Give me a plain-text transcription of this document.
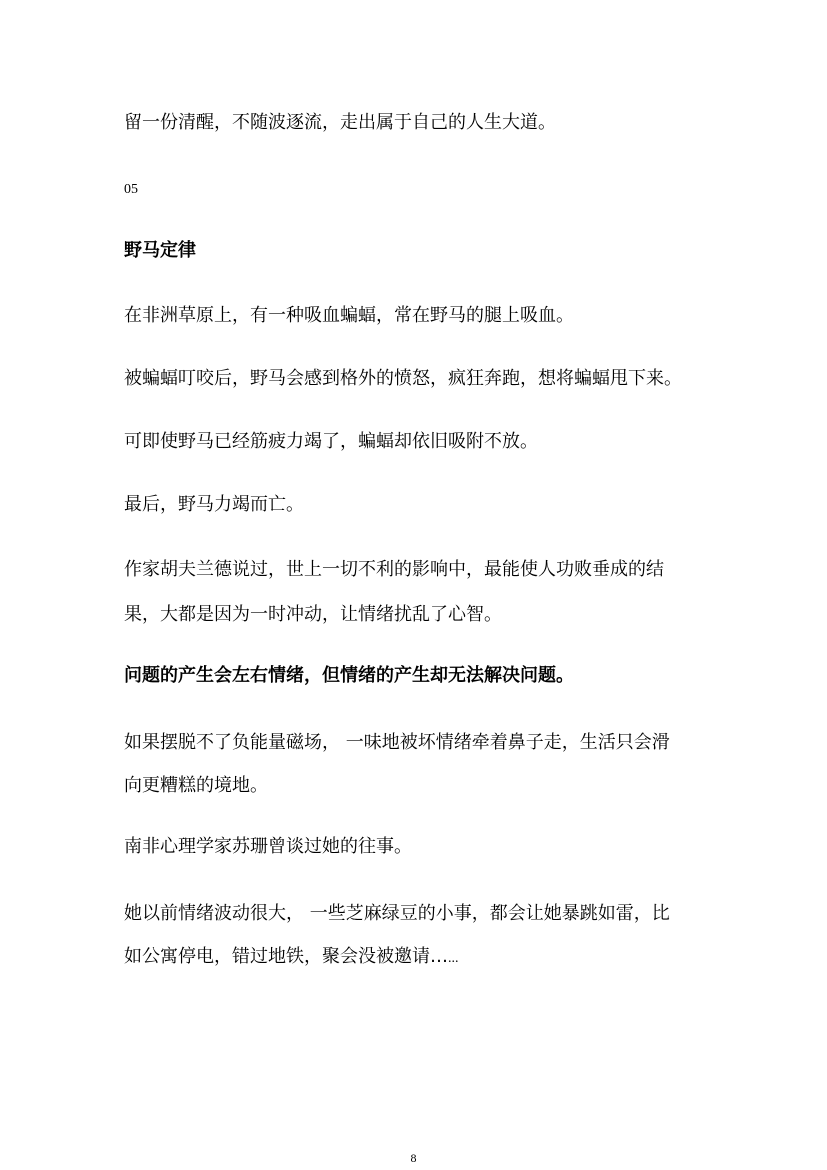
留一份清醒，不随波逐流，走出属于自己的人生大道。

05

野马定律

在非洲草原上，有一种吸血蝙蝠，常在野马的腿上吸血。

被蝙蝠叮咬后，野马会感到格外的愤怒，疯狂奔跑，想将蝙蝠甩下来。

可即使野马已经筋疲力竭了，蝙蝠却依旧吸附不放。

最后，野马力竭而亡。

作家胡夫兰德说过，世上一切不利的影响中，最能使人功败垂成的结

果，大都是因为一时冲动，让情绪扰乱了心智。

问题的产生会左右情绪，但情绪的产生却无法解决问题。

如果摆脱不了负能量磁场， 一味地被坏情绪牵着鼻子走，生活只会滑

向更糟糕的境地。

南非心理学家苏珊曾谈过她的往事。

她以前情绪波动很大， 一些芝麻绿豆的小事，都会让她暴跳如雷，比

如公寓停电，错过地铁，聚会没被邀请…...

8
